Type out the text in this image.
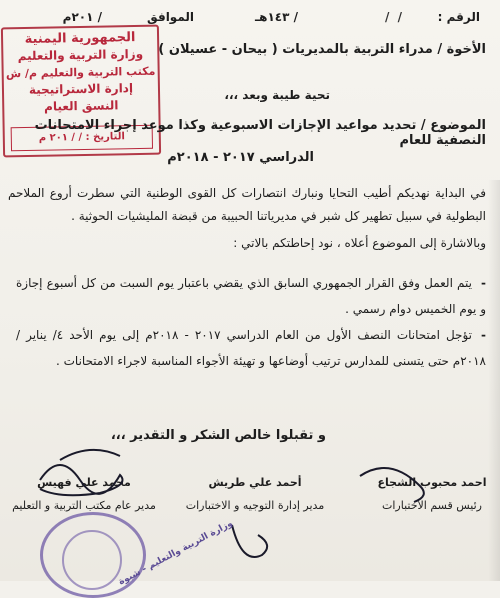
الرقم :
/ /
/ ١٤٣هـ
الموافق
/ ٢٠١م
الجمهورية اليمنية
وزارة التربية والتعليم
مكتب التربية والتعليم م/ ش
إدارة الاستراتيجية
النسق العيام
التاريخ : / / ٢٠١ م
الأخوة / مدراء التربية بالمديريات ( بيحان - عسيلان )
تحية طيبة وبعد ،،،
الموضوع / تحديد مواعيد الإجازات الاسبوعية وكذا موعد إجراء الامتحانات النصفية للعام
الدراسي ٢٠١٧ - ٢٠١٨م
في البداية نهديكم أطيب التحايا ونبارك انتصارات كل القوى الوطنية التي سطرت أروع الملاحم البطولية في سبيل تطهير كل شبر في مديرياتنا الحبيبة من قبضة المليشيات الحوثية .
وبالاشارة إلى الموضوع أعلاه ، نود إحاطتكم بالاتي :
-يتم العمل وفق القرار الجمهوري السابق الذي يقضي باعتبار يوم السبت من كل أسبوع إجازة و يوم الخميس دوام رسمي .
-تؤجل امتحانات النصف الأول من العام الدراسي ٢٠١٧ - ٢٠١٨م إلى يوم الأحد ٤/ يناير / ٢٠١٨م حتى يتسنى للمدارس ترتيب أوضاعها و تهيئة الأجواء المناسبة لاجراء الامتحانات .
و تقبلوا خالص الشكر و التقدير ،،،
احمد محبوب الشجاع
رئيس قسم الاختبارات
أحمد علي طريش
مدير إدارة التوجيه و الاختبارات
محمد علي فهيس
مدير عام مكتب التربية و التعليم
وزارة التربية والتعليم - شبوة
